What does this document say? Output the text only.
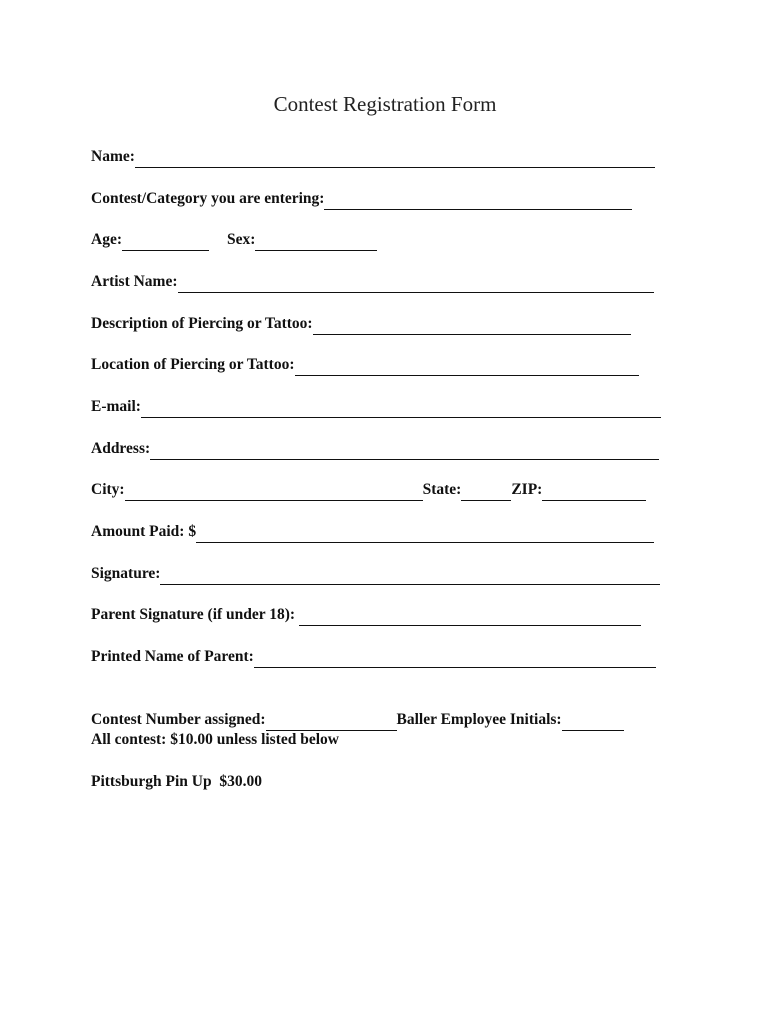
Contest Registration Form
Name:
Contest/Category you are entering:
Age:	Sex:
Artist Name:
Description of Piercing or Tattoo:
Location of Piercing or Tattoo:
E-mail:
Address:
City:	State:	ZIP:
Amount Paid: $
Signature:
Parent Signature (if under 18):
Printed Name of Parent:
Contest Number assigned:	Baller Employee Initials:
All contest: $10.00 unless listed below
Pittsburgh Pin Up  $30.00
